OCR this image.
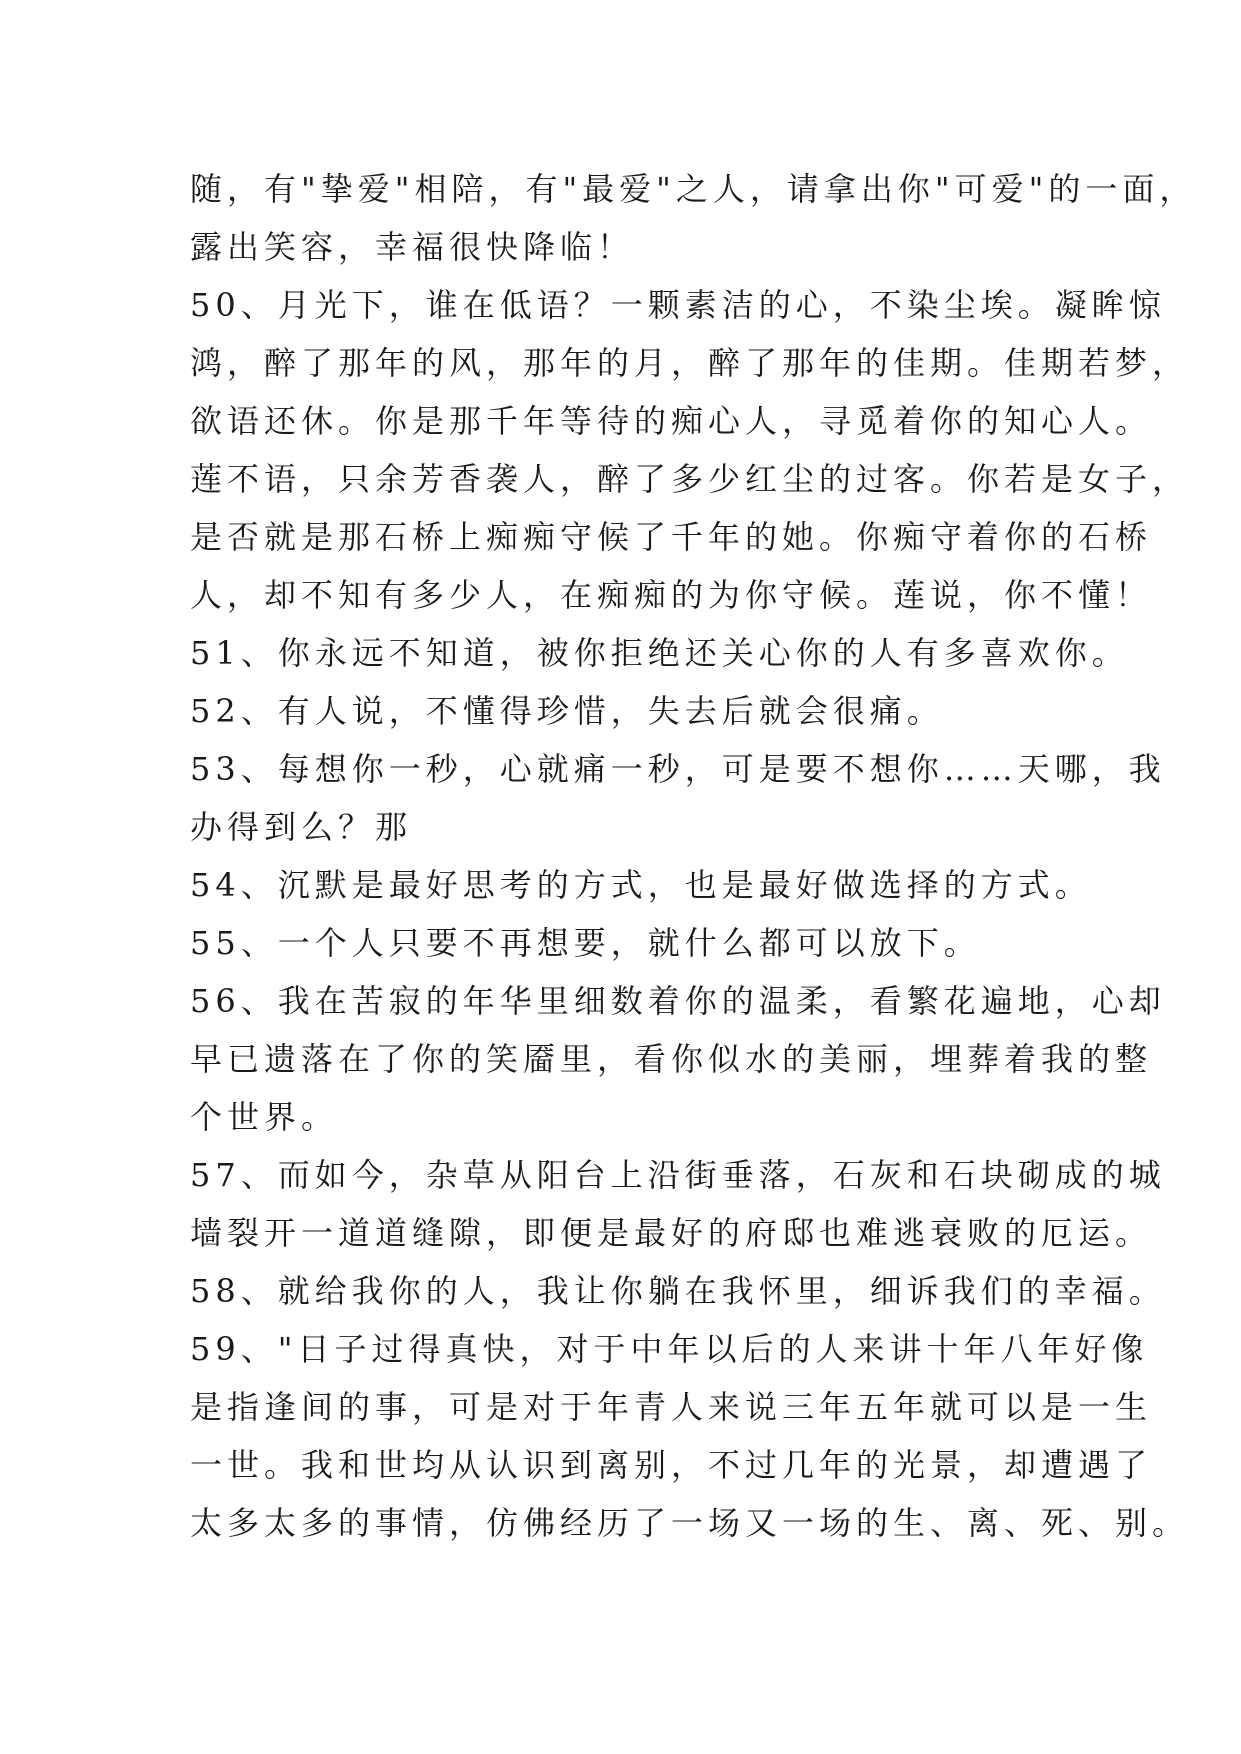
随，有"挚爱"相陪，有"最爱"之人，请拿出你"可爱"的一面，
露出笑容，幸福很快降临！
50、月光下，谁在低语？一颗素洁的心，不染尘埃。凝眸惊
鸿，醉了那年的风，那年的月，醉了那年的佳期。佳期若梦，
欲语还休。你是那千年等待的痴心人，寻觅着你的知心人。
莲不语，只余芳香袭人，醉了多少红尘的过客。你若是女子，
是否就是那石桥上痴痴守候了千年的她。你痴守着你的石桥
人，却不知有多少人，在痴痴的为你守候。莲说，你不懂！
51、你永远不知道，被你拒绝还关心你的人有多喜欢你。
52、有人说，不懂得珍惜，失去后就会很痛。
53、每想你一秒，心就痛一秒，可是要不想你……天哪，我
办得到么？那
54、沉默是最好思考的方式，也是最好做选择的方式。
55、一个人只要不再想要，就什么都可以放下。
56、我在苦寂的年华里细数着你的温柔，看繁花遍地，心却
早已遗落在了你的笑靥里，看你似水的美丽，埋葬着我的整
个世界。
57、而如今，杂草从阳台上沿街垂落，石灰和石块砌成的城
墙裂开一道道缝隙，即便是最好的府邸也难逃衰败的厄运。
58、就给我你的人，我让你躺在我怀里，细诉我们的幸福。
59、"日子过得真快，对于中年以后的人来讲十年八年好像
是指逢间的事，可是对于年青人来说三年五年就可以是一生
一世。我和世均从认识到离别，不过几年的光景，却遭遇了
太多太多的事情，仿佛经历了一场又一场的生、离、死、别。
